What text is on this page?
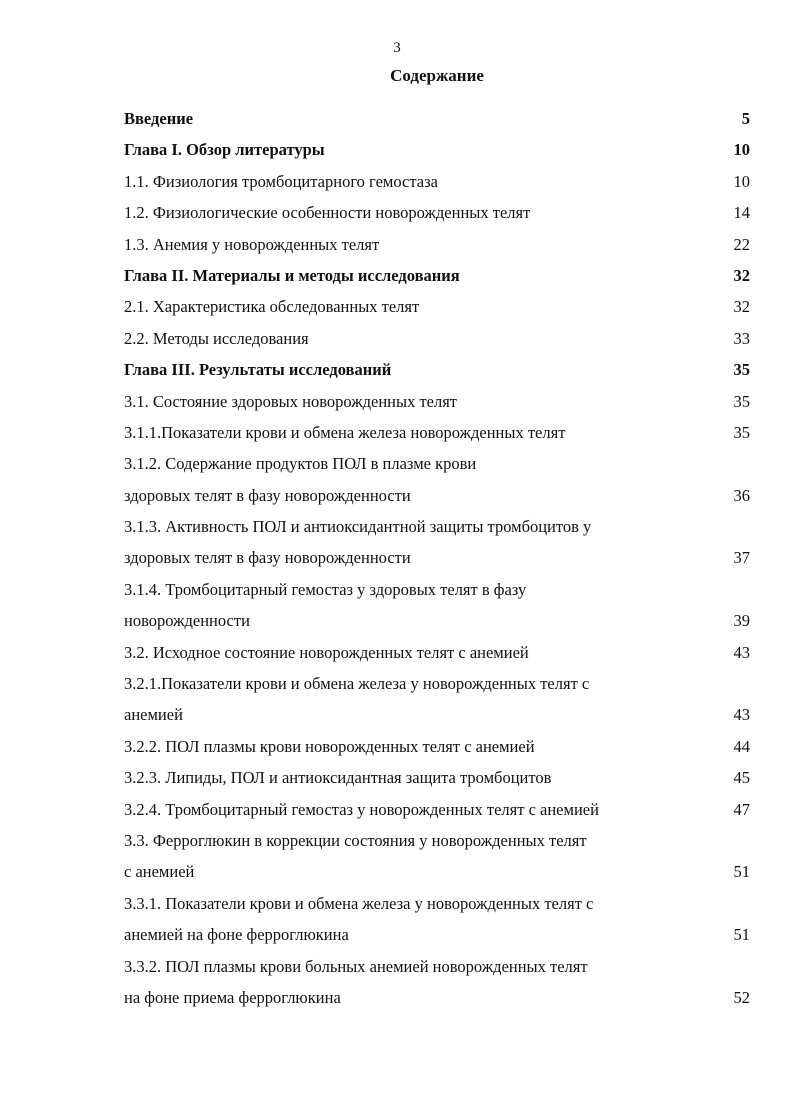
3
Содержание
Введение	5
Глава I. Обзор литературы	10
1.1. Физиология тромбоцитарного гемостаза	10
1.2. Физиологические особенности новорожденных телят	14
1.3. Анемия у новорожденных телят	22
Глава II. Материалы и методы исследования	32
2.1. Характеристика обследованных телят	32
2.2. Методы исследования	33
Глава III. Результаты исследований	35
3.1. Состояние здоровых новорожденных телят	35
3.1.1.Показатели крови и обмена железа новорожденных телят	35
3.1.2. Содержание продуктов ПОЛ в плазме крови
здоровых телят в фазу новорожденности	36
3.1.3. Активность ПОЛ и антиоксидантной защиты тромбоцитов у
здоровых телят в фазу новорожденности	37
3.1.4. Тромбоцитарный гемостаз у здоровых телят в фазу
новорожденности	39
3.2. Исходное состояние новорожденных телят с анемией	43
3.2.1.Показатели крови и обмена железа у новорожденных телят с
анемией	43
3.2.2. ПОЛ плазмы крови новорожденных телят с анемией	44
3.2.3. Липиды, ПОЛ и антиоксидантная защита тромбоцитов	45
3.2.4. Тромбоцитарный гемостаз у новорожденных телят с анемией	47
3.3. Ферроглюкин в коррекции состояния у новорожденных телят
с анемией	51
3.3.1. Показатели крови и обмена железа у новорожденных телят с
анемией на фоне ферроглюкина	51
3.3.2. ПОЛ плазмы крови больных анемией новорожденных телят
на фоне приема ферроглюкина	52
